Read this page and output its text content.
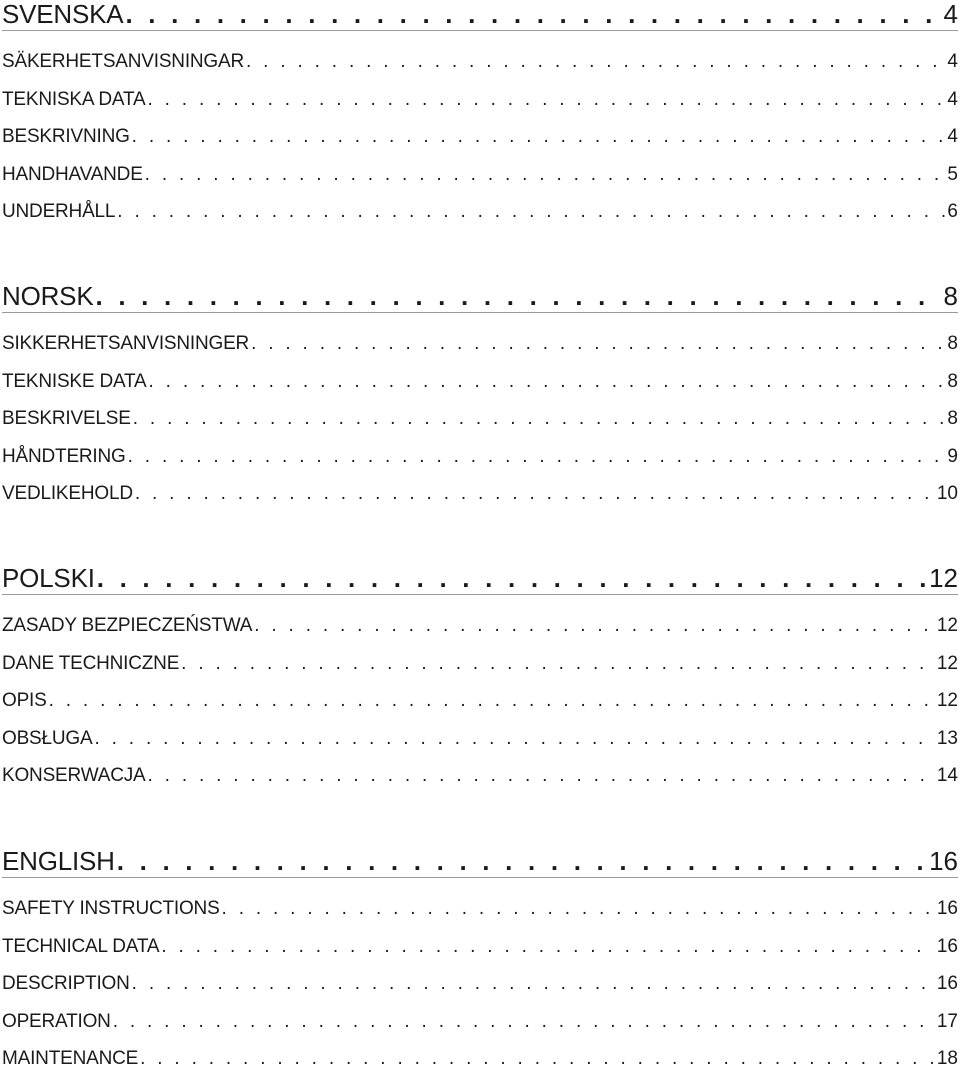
SVENSKA . . .	4
SÄKERHETSANVISNINGAR . . .	4
TEKNISKA DATA . . .	4
BESKRIVNING . . .	4
HANDHAVANDE . . .	5
UNDERHÅLL . . .	6
NORSK . . .	8
SIKKERHETSANVISNINGER . . .	8
TEKNISKE DATA . . .	8
BESKRIVELSE . . .	8
HÅNDTERING . . .	9
VEDLIKEHOLD . . .	10
POLSKI . . .	12
ZASADY BEZPIECZEŃSTWA . . .	12
DANE TECHNICZNE . . .	12
OPIS . . .	12
OBSŁUGA . . .	13
KONSERWACJA . . .	14
ENGLISH . . .	16
SAFETY INSTRUCTIONS . . .	16
TECHNICAL DATA . . .	16
DESCRIPTION . . .	16
OPERATION . . .	17
MAINTENANCE . . .	18
